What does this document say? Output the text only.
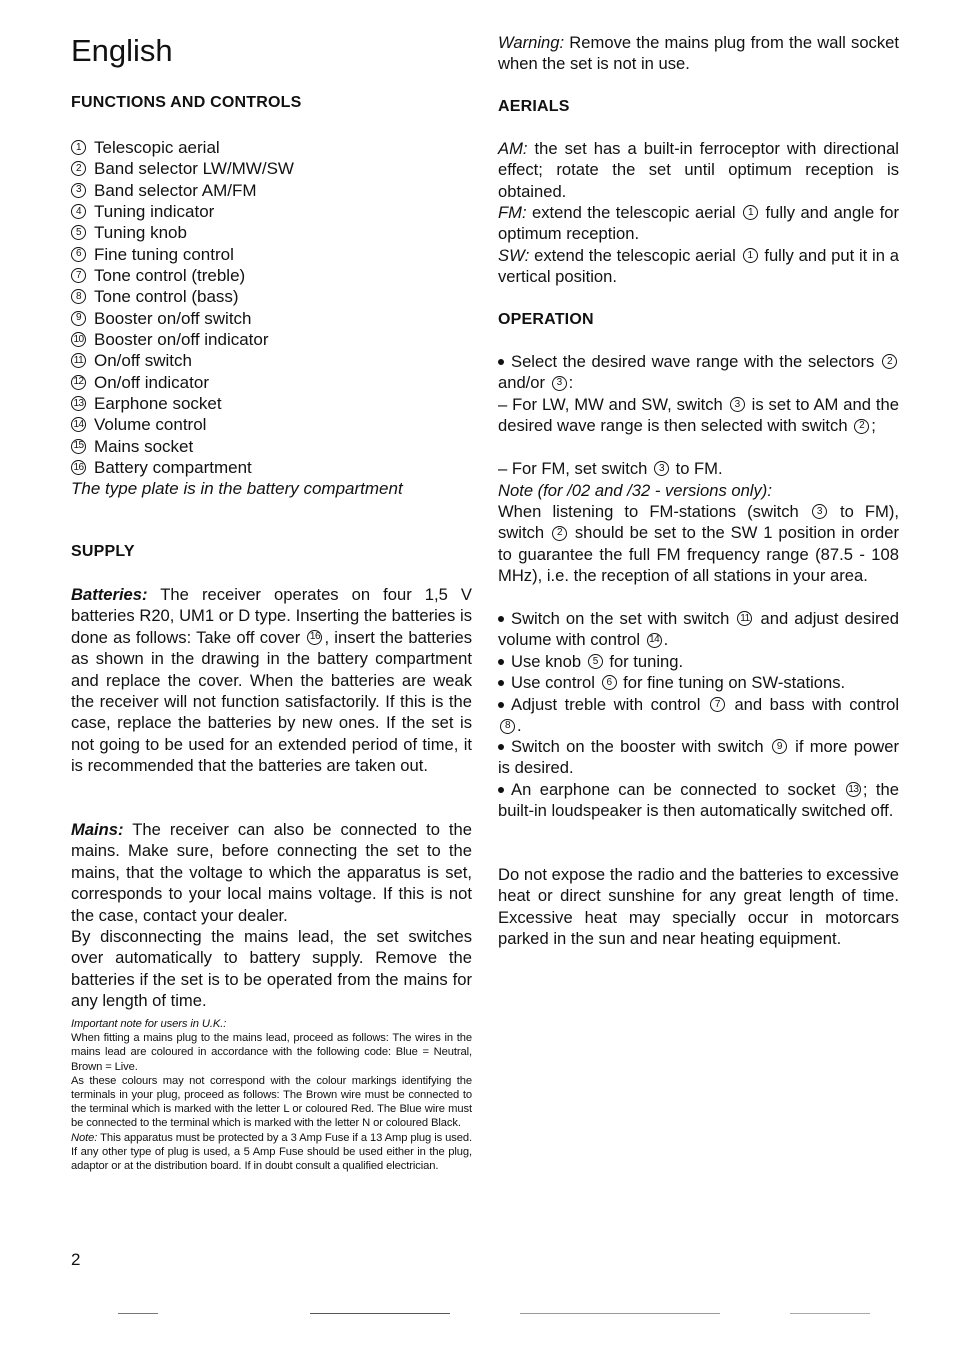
English
FUNCTIONS AND CONTROLS
1 Telescopic aerial
2 Band selector LW/MW/SW
3 Band selector AM/FM
4 Tuning indicator
5 Tuning knob
6 Fine tuning control
7 Tone control (treble)
8 Tone control (bass)
9 Booster on/off switch
10 Booster on/off indicator
11 On/off switch
12 On/off indicator
13 Earphone socket
14 Volume control
15 Mains socket
16 Battery compartment
The type plate is in the battery compartment
SUPPLY

Batteries: The receiver operates on four 1,5 V batteries R20, UM1 or D type. Inserting the batteries is done as follows: Take off cover 16 , insert the batteries as shown in the drawing in the battery compartment and replace the cover. When the batteries are weak the receiver will not function satisfactorily. If this is the case, replace the batteries by new ones. If the set is not going to be used for an extended period of time, it is recommended that the batteries are taken out.

Mains: The receiver can also be connected to the mains. Make sure, before connecting the set to the mains, that the voltage to which the apparatus is set, corresponds to your local mains voltage. If this is not the case, contact your dealer.

By disconnecting the mains lead, the set switches over automatically to battery supply. Remove the batteries if the set is to be operated from the mains for any length of time.

Important note for users in U.K.:
When fitting a mains plug to the mains lead, proceed as follows: The wires in the mains lead are coloured in accordance with the following code: Blue = Neutral, Brown = Live.
As these colours may not correspond with the colour markings identifying the terminals in your plug, proceed as follows: The Brown wire must be connected to the terminal which is marked with the letter L or coloured Red. The Blue wire must be connected to the terminal which is marked with the letter N or coloured Black.
Note: This apparatus must be protected by a 3 Amp Fuse if a 13 Amp plug is used. If any other type of plug is used, a 5 Amp Fuse should be used either in the plug, adaptor or at the distribution board. If in doubt consult a qualified electrician.
2

Warning: Remove the mains plug from the wall socket when the set is not in use.

AERIALS

AM: the set has a built-in ferroceptor with directional effect; rotate the set until optimum reception is obtained.

FM: extend the telescopic aerial 1 fully and angle for optimum reception.

SW: extend the telescopic aerial 1 fully and put it in a vertical position.

OPERATION

Select the desired wave range with the selectors 2 and/or 3 :

– For LW, MW and SW, switch 3 is set to AM and the desired wave range is then selected with switch 2 ;

– For FM, set switch 3 to FM.

Note (for /02 and /32 - versions only):

When listening to FM-stations (switch 3 to FM), switch 2 should be set to the SW 1 position in order to guarantee the full FM frequency range (87.5 - 108 MHz), i.e. the reception of all stations in your area.

Switch on the set with switch 11 and adjust desired volume with control 14 .

Use knob 5 for tuning.

Use control 6 for fine tuning on SW-stations.

Adjust treble with control 7 and bass with control 8 .

Switch on the booster with switch 9 if more power is desired.

An earphone can be connected to socket 13 ; the built-in loudspeaker is then automatically switched off.

Do not expose the radio and the batteries to excessive heat or direct sunshine for any great length of time. Excessive heat may specially occur in motorcars parked in the sun and near heating equipment.
